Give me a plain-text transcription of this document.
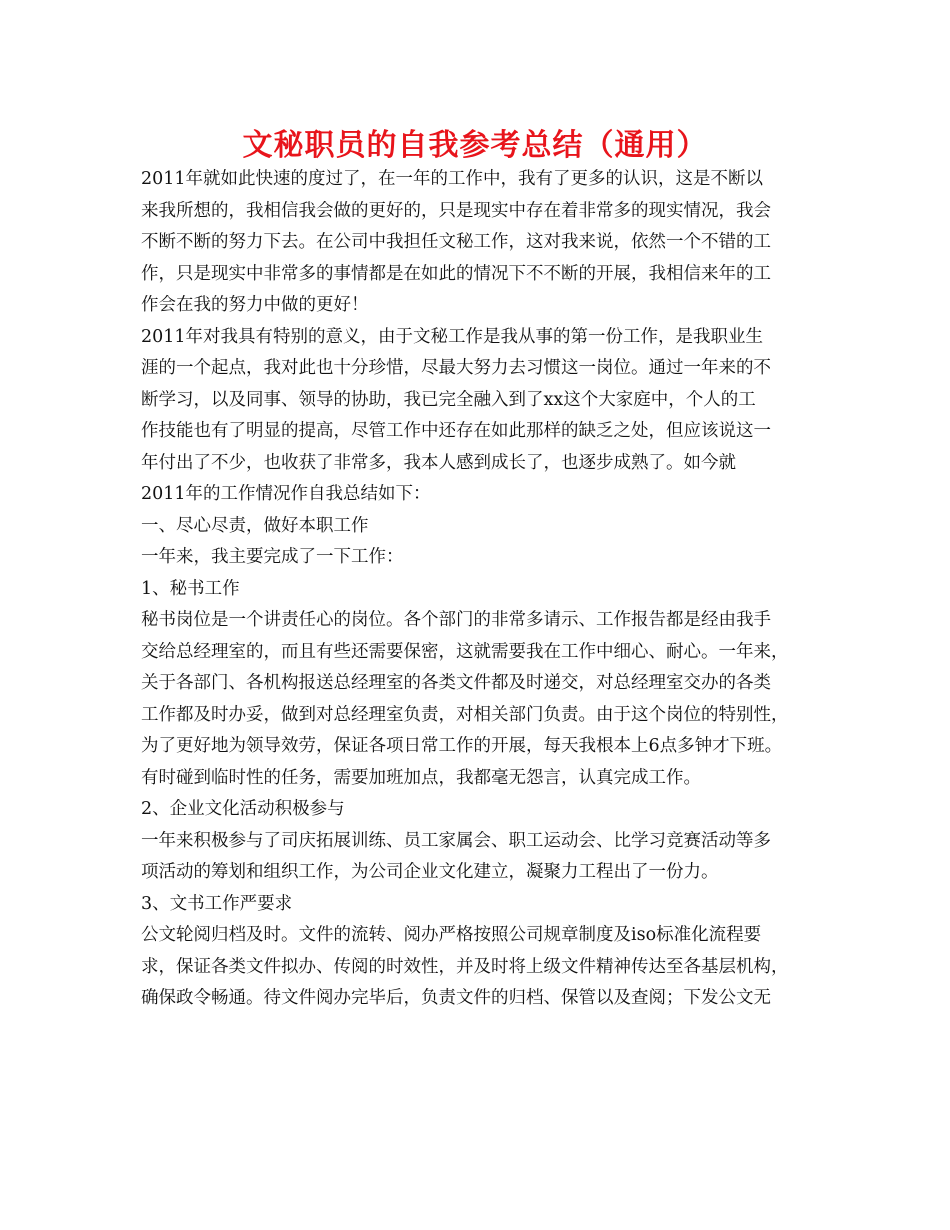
文秘职员的自我参考总结（通用）
2011年就如此快速的度过了，在一年的工作中，我有了更多的认识，这是不断以
来我所想的，我相信我会做的更好的，只是现实中存在着非常多的现实情况，我会
不断不断的努力下去。在公司中我担任文秘工作，这对我来说，依然一个不错的工
作，只是现实中非常多的事情都是在如此的情况下不不断的开展，我相信来年的工
作会在我的努力中做的更好！
2011年对我具有特别的意义，由于文秘工作是我从事的第一份工作，是我职业生
涯的一个起点，我对此也十分珍惜，尽最大努力去习惯这一岗位。通过一年来的不
断学习，以及同事、领导的协助，我已完全融入到了xx这个大家庭中，个人的工
作技能也有了明显的提高，尽管工作中还存在如此那样的缺乏之处，但应该说这一
年付出了不少，也收获了非常多，我本人感到成长了，也逐步成熟了。如今就
2011年的工作情况作自我总结如下：
一、尽心尽责，做好本职工作
一年来，我主要完成了一下工作：
1、秘书工作
秘书岗位是一个讲责任心的岗位。各个部门的非常多请示、工作报告都是经由我手
交给总经理室的，而且有些还需要保密，这就需要我在工作中细心、耐心。一年来，
关于各部门、各机构报送总经理室的各类文件都及时递交，对总经理室交办的各类
工作都及时办妥，做到对总经理室负责，对相关部门负责。由于这个岗位的特别性，
为了更好地为领导效劳，保证各项日常工作的开展，每天我根本上6点多钟才下班。
有时碰到临时性的任务，需要加班加点，我都毫无怨言，认真完成工作。
2、企业文化活动积极参与
一年来积极参与了司庆拓展训练、员工家属会、职工运动会、比学习竞赛活动等多
项活动的筹划和组织工作，为公司企业文化建立，凝聚力工程出了一份力。
3、文书工作严要求
公文轮阅归档及时。文件的流转、阅办严格按照公司规章制度及iso标准化流程要
求，保证各类文件拟办、传阅的时效性，并及时将上级文件精神传达至各基层机构，
确保政令畅通。待文件阅办完毕后，负责文件的归档、保管以及查阅；下发公文无
